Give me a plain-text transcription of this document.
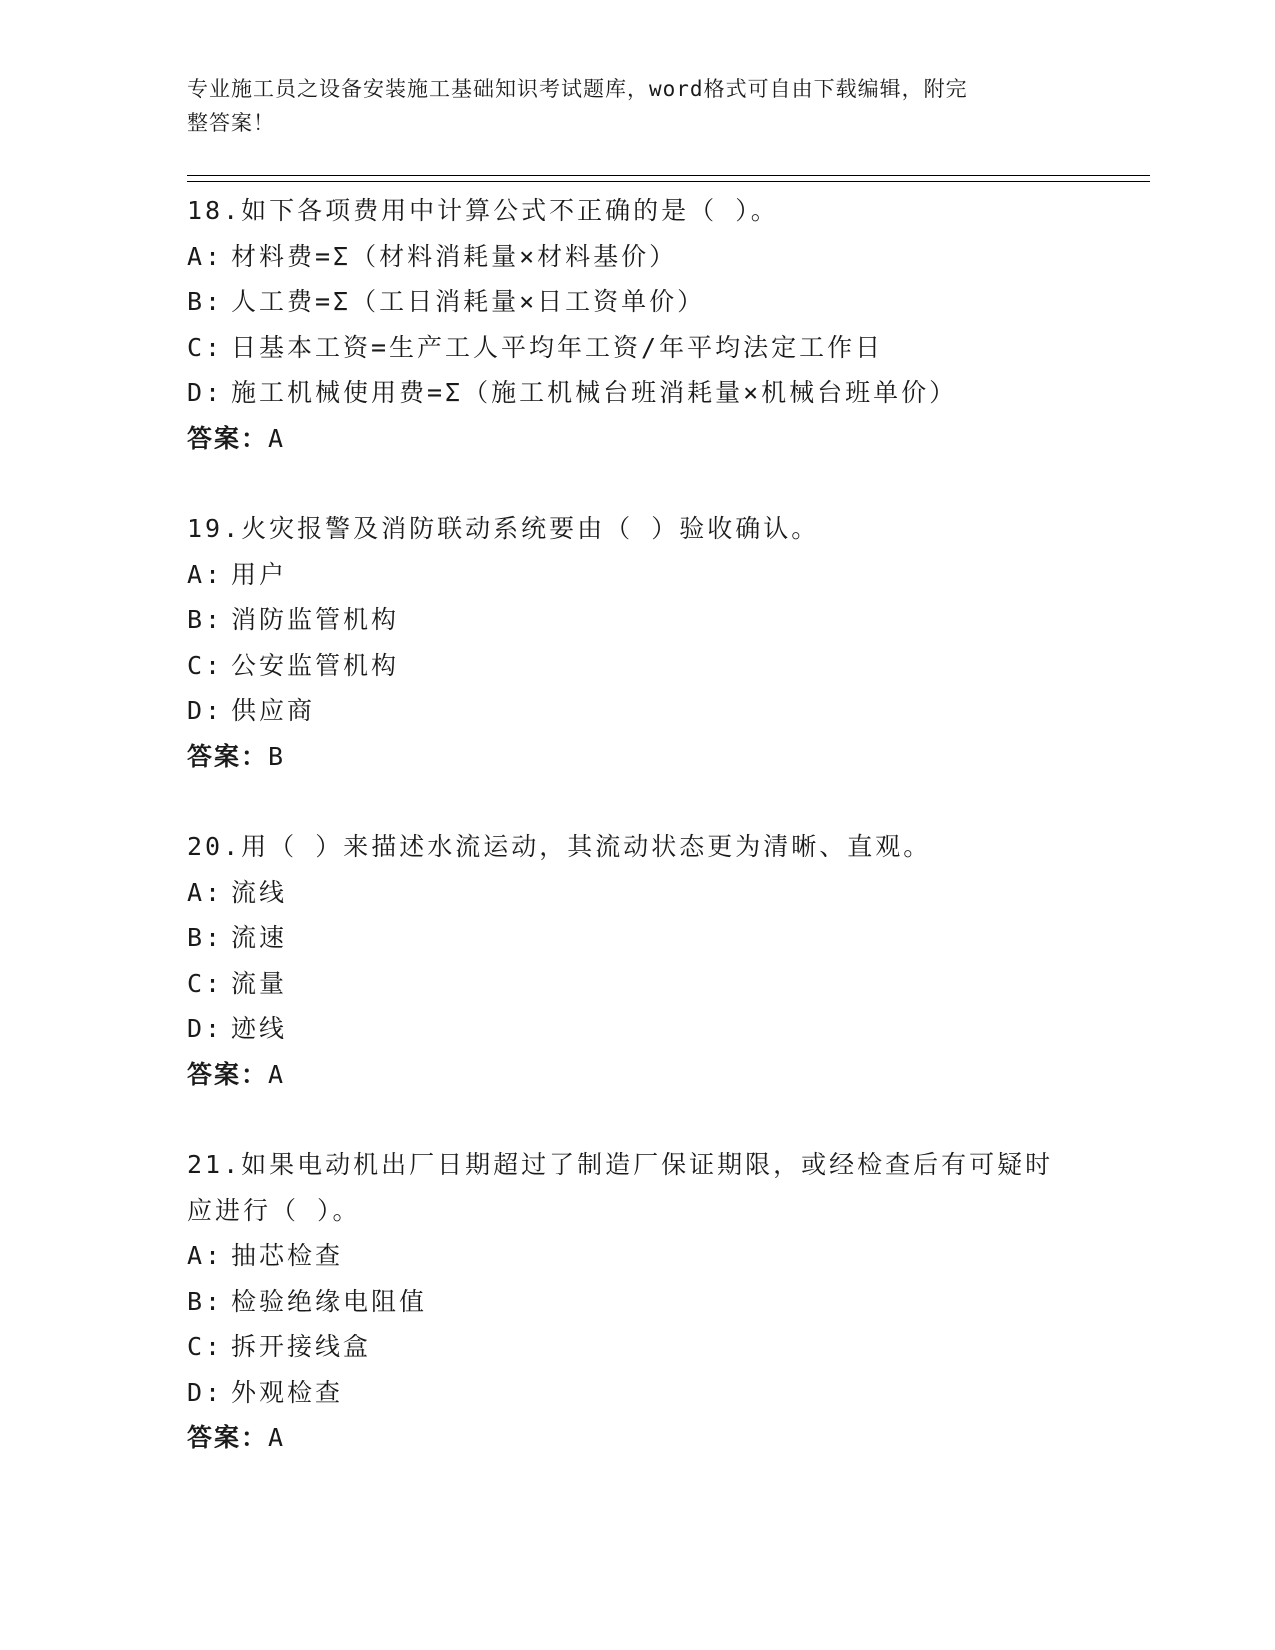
专业施工员之设备安装施工基础知识考试题库，word格式可自由下载编辑，附完
整答案！
18.如下各项费用中计算公式不正确的是（ ）。
A: 材料费=Σ（材料消耗量×材料基价）
B: 人工费=Σ（工日消耗量×日工资单价）
C: 日基本工资=生产工人平均年工资/年平均法定工作日
D: 施工机械使用费=Σ（施工机械台班消耗量×机械台班单价）
答案：A
19.火灾报警及消防联动系统要由（ ）验收确认。
A: 用户
B: 消防监管机构
C: 公安监管机构
D: 供应商
答案：B
20.用（ ）来描述水流运动，其流动状态更为清晰、直观。
A: 流线
B: 流速
C: 流量
D: 迹线
答案：A
21.如果电动机出厂日期超过了制造厂保证期限，或经检查后有可疑时
应进行（ ）。
A: 抽芯检查
B: 检验绝缘电阻值
C: 拆开接线盒
D: 外观检查
答案：A
